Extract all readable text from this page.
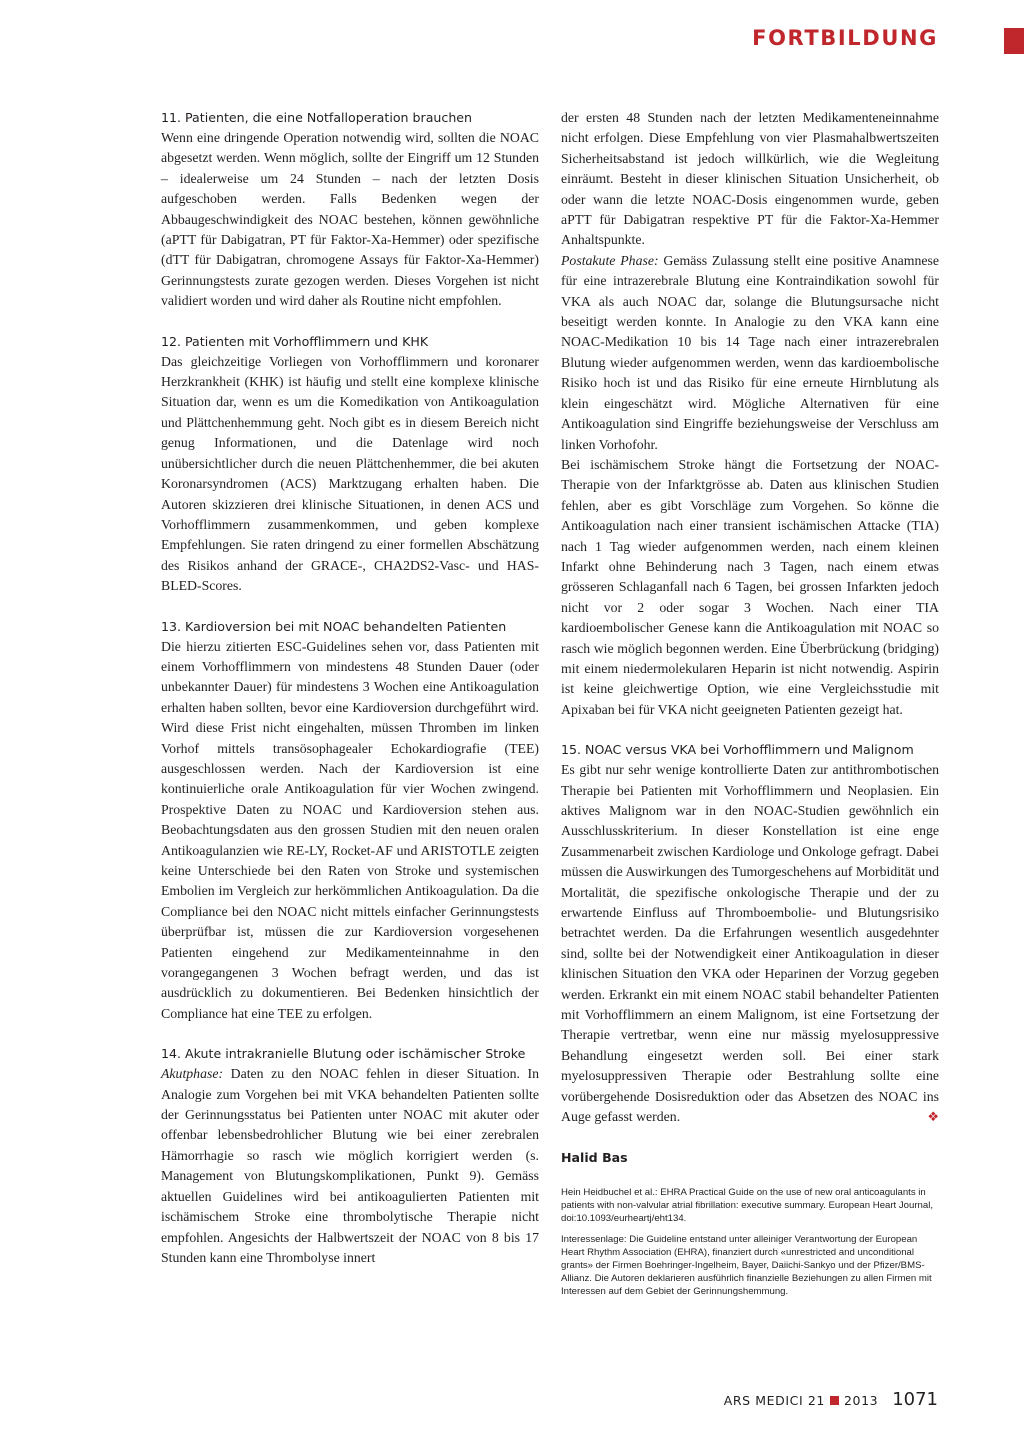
FORTBILDUNG

11. Patienten, die eine Notfalloperation brauchen

Wenn eine dringende Operation notwendig wird, sollten die NOAC abgesetzt werden. Wenn möglich, sollte der Eingriff um 12 Stunden – idealerweise um 24 Stunden – nach der letzten Dosis aufgeschoben werden. Falls Bedenken wegen der Abbaugeschwindigkeit des NOAC bestehen, können gewöhnliche (aPTT für Dabigatran, PT für Faktor-Xa-Hemmer) oder spezifische (dTT für Dabigatran, chromogene Assays für Faktor-Xa-Hemmer) Gerinnungstests zurate gezogen werden. Dieses Vorgehen ist nicht validiert worden und wird daher als Routine nicht empfohlen.

12. Patienten mit Vorhofflimmern und KHK

Das gleichzeitige Vorliegen von Vorhofflimmern und koronarer Herzkrankheit (KHK) ist häufig und stellt eine komplexe klinische Situation dar, wenn es um die Komedikation von Antikoagulation und Plättchenhemmung geht. Noch gibt es in diesem Bereich nicht genug Informationen, und die Datenlage wird noch unübersichtlicher durch die neuen Plättchenhemmer, die bei akuten Koronarsyndromen (ACS) Marktzugang erhalten haben. Die Autoren skizzieren drei klinische Situationen, in denen ACS und Vorhofflimmern zusammenkommen, und geben komplexe Empfehlungen. Sie raten dringend zu einer formellen Abschätzung des Risikos anhand der GRACE-, CHA2DS2-Vasc- und HAS-BLED-Scores.

13. Kardioversion bei mit NOAC behandelten Patienten

Die hierzu zitierten ESC-Guidelines sehen vor, dass Patienten mit einem Vorhofflimmern von mindestens 48 Stunden Dauer (oder unbekannter Dauer) für mindestens 3 Wochen eine Antikoagulation erhalten haben sollten, bevor eine Kardioversion durchgeführt wird. Wird diese Frist nicht eingehalten, müssen Thromben im linken Vorhof mittels transösophagealer Echokardiografie (TEE) ausgeschlossen werden. Nach der Kardioversion ist eine kontinuierliche orale Antikoagulation für vier Wochen zwingend. Prospektive Daten zu NOAC und Kardioversion stehen aus. Beobachtungsdaten aus den grossen Studien mit den neuen oralen Antikoagulanzien wie RE-LY, Rocket-AF und ARISTOTLE zeigten keine Unterschiede bei den Raten von Stroke und systemischen Embolien im Vergleich zur herkömmlichen Antikoagulation. Da die Compliance bei den NOAC nicht mittels einfacher Gerinnungstests überprüfbar ist, müssen die zur Kardioversion vorgesehenen Patienten eingehend zur Medikamenteinnahme in den vorangegangenen 3 Wochen befragt werden, und das ist ausdrücklich zu dokumentieren. Bei Bedenken hinsichtlich der Compliance hat eine TEE zu erfolgen.

14. Akute intrakranielle Blutung oder ischämischer Stroke

Akutphase: Daten zu den NOAC fehlen in dieser Situation. In Analogie zum Vorgehen bei mit VKA behandelten Patienten sollte der Gerinnungsstatus bei Patienten unter NOAC mit akuter oder offenbar lebensbedrohlicher Blutung wie bei einer zerebralen Hämorrhagie so rasch wie möglich korrigiert werden (s. Management von Blutungskomplikationen, Punkt 9). Gemäss aktuellen Guidelines wird bei antikoagulierten Patienten mit ischämischem Stroke eine thrombolytische Therapie nicht empfohlen. Angesichts der Halbwertszeit der NOAC von 8 bis 17 Stunden kann eine Thrombolyse innert

der ersten 48 Stunden nach der letzten Medikamenteneinnahme nicht erfolgen. Diese Empfehlung von vier Plasmahalbwertszeiten Sicherheitsabstand ist jedoch willkürlich, wie die Wegleitung einräumt. Besteht in dieser klinischen Situation Unsicherheit, ob oder wann die letzte NOAC-Dosis eingenommen wurde, geben aPTT für Dabigatran respektive PT für die Faktor-Xa-Hemmer Anhaltspunkte.

Postakute Phase: Gemäss Zulassung stellt eine positive Anamnese für eine intrazerebrale Blutung eine Kontraindikation sowohl für VKA als auch NOAC dar, solange die Blutungsursache nicht beseitigt werden konnte. In Analogie zu den VKA kann eine NOAC-Medikation 10 bis 14 Tage nach einer intrazerebralen Blutung wieder aufgenommen werden, wenn das kardioembolische Risiko hoch ist und das Risiko für eine erneute Hirnblutung als klein eingeschätzt wird. Mögliche Alternativen für eine Antikoagulation sind Eingriffe beziehungsweise der Verschluss am linken Vorhofohr.

Bei ischämischem Stroke hängt die Fortsetzung der NOAC-Therapie von der Infarktgrösse ab. Daten aus klinischen Studien fehlen, aber es gibt Vorschläge zum Vorgehen. So könne die Antikoagulation nach einer transient ischämischen Attacke (TIA) nach 1 Tag wieder aufgenommen werden, nach einem kleinen Infarkt ohne Behinderung nach 3 Tagen, nach einem etwas grösseren Schlaganfall nach 6 Tagen, bei grossen Infarkten jedoch nicht vor 2 oder sogar 3 Wochen. Nach einer TIA kardioembolischer Genese kann die Antikoagulation mit NOAC so rasch wie möglich begonnen werden. Eine Überbrückung (bridging) mit einem niedermolekularen Heparin ist nicht notwendig. Aspirin ist keine gleichwertige Option, wie eine Vergleichsstudie mit Apixaban bei für VKA nicht geeigneten Patienten gezeigt hat.

15. NOAC versus VKA bei Vorhofflimmern und Malignom

Es gibt nur sehr wenige kontrollierte Daten zur antithrombotischen Therapie bei Patienten mit Vorhofflimmern und Neoplasien. Ein aktives Malignom war in den NOAC-Studien gewöhnlich ein Ausschlusskriterium. In dieser Konstellation ist eine enge Zusammenarbeit zwischen Kardiologe und Onkologe gefragt. Dabei müssen die Auswirkungen des Tumorgeschehens auf Morbidität und Mortalität, die spezifische onkologische Therapie und der zu erwartende Einfluss auf Thromboembolie- und Blutungsrisiko betrachtet werden. Da die Erfahrungen wesentlich ausgedehnter sind, sollte bei der Notwendigkeit einer Antikoagulation in dieser klinischen Situation den VKA oder Heparinen der Vorzug gegeben werden. Erkrankt ein mit einem NOAC stabil behandelter Patienten mit Vorhofflimmern an einem Malignom, ist eine Fortsetzung der Therapie vertretbar, wenn eine nur mässig myelosuppressive Behandlung eingesetzt werden soll. Bei einer stark myelosuppressiven Therapie oder Bestrahlung sollte eine vorübergehende Dosisreduktion oder das Absetzen des NOAC ins Auge gefasst werden.	❖

Halid Bas
Hein Heidbuchel et al.: EHRA Practical Guide on the use of new oral anticoagulants in patients with non-valvular atrial fibrillation: executive summary. European Heart Journal, doi:10.1093/eurheartj/eht134.
Interessenlage: Die Guideline entstand unter alleiniger Verantwortung der European Heart Rhythm Association (EHRA), finanziert durch «unrestricted and unconditional grants» der Firmen Boehringer-Ingelheim, Bayer, Daiichi-Sankyo und der Pfizer/BMS-Allianz. Die Autoren deklarieren ausführlich finanzielle Beziehungen zu allen Firmen mit Interessen auf dem Gebiet der Gerinnungshemmung.
ARS MEDICI 21 2013 1071
